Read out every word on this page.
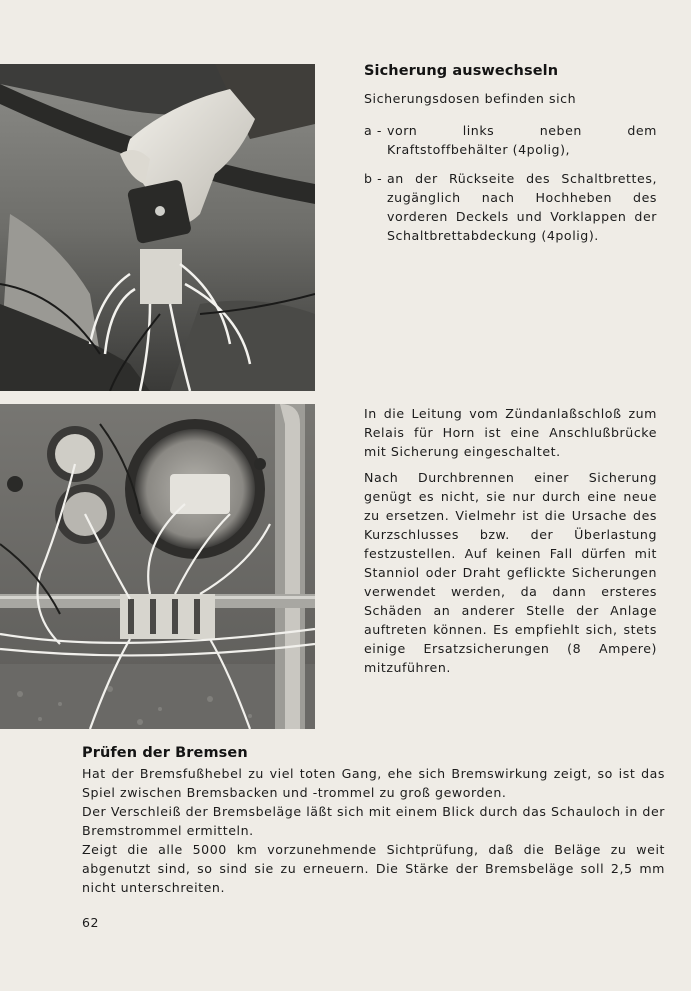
Sicherung auswechseln
Sicherungsdosen befinden sich
a - vorn links neben dem Kraftstoffbehälter (4polig),
b - an der Rückseite des Schaltbrettes, zugänglich nach Hochheben des vorderen Deckels und Vorklappen der Schaltbrettabdeckung (4polig).

In die Leitung vom Zündanlaßschloß zum Relais für Horn ist eine Anschlußbrücke mit Sicherung eingeschaltet.

Nach Durchbrennen einer Sicherung genügt es nicht, sie nur durch eine neue zu ersetzen. Vielmehr ist die Ursache des Kurzschlusses bzw. der Überlastung festzustellen. Auf keinen Fall dürfen mit Stanniol oder Draht geflickte Sicherungen verwendet werden, da dann ersteres Schäden an anderer Stelle der Anlage auftreten können. Es empfiehlt sich, stets einige Ersatzsicherungen (8 Ampere) mitzuführen.

Prüfen der Bremsen

Hat der Bremsfußhebel zu viel toten Gang, ehe sich Bremswirkung zeigt, so ist das Spiel zwischen Bremsbacken und -trommel zu groß geworden.

Der Verschleiß der Bremsbeläge läßt sich mit einem Blick durch das Schauloch in der Bremstrommel ermitteln.

Zeigt die alle 5000 km vorzunehmende Sichtprüfung, daß die Beläge zu weit abgenutzt sind, so sind sie zu erneuern. Die Stärke der Bremsbeläge soll 2,5 mm nicht unterschreiten.

62
